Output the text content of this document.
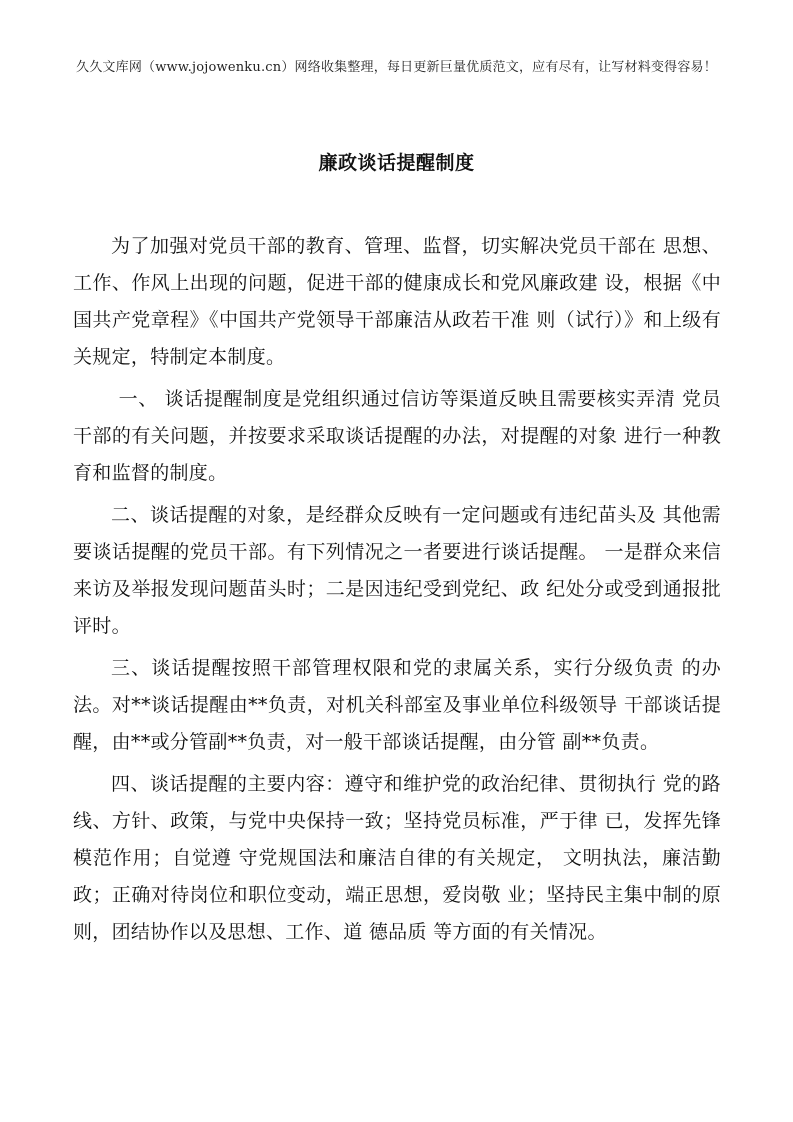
久久文库网（www.jojowenku.cn）网络收集整理，每日更新巨量优质范文，应有尽有，让写材料变得容易！
廉政谈话提醒制度

为了加强对党员干部的教育、管理、监督，切实解决党员干部在 思想、工作、作风上出现的问题，促进干部的健康成长和党风廉政建 设，根据《中国共产党章程》《中国共产党领导干部廉洁从政若干准 则（试行）》和上级有关规定，特制定本制度。

一、 谈话提醒制度是党组织通过信访等渠道反映且需要核实弄清 党员干部的有关问题，并按要求采取谈话提醒的办法，对提醒的对象 进行一种教育和监督的制度。

二、谈话提醒的对象，是经群众反映有一定问题或有违纪苗头及 其他需要谈话提醒的党员干部。有下列情况之一者要进行谈话提醒。 一是群众来信来访及举报发现问题苗头时；二是因违纪受到党纪、政 纪处分或受到通报批评时。

三、谈话提醒按照干部管理权限和党的隶属关系，实行分级负责 的办法。对**谈话提醒由**负责，对机关科部室及事业单位科级领导 干部谈话提醒，由**或分管副**负责，对一般干部谈话提醒，由分管 副**负责。

四、谈话提醒的主要内容：遵守和维护党的政治纪律、贯彻执行 党的路线、方针、政策，与党中央保持一致；坚持党员标准，严于律 已，发挥先锋模范作用；自觉遵 守党规国法和廉洁自律的有关规定， 文明执法，廉洁勤政；正确对待岗位和职位变动，端正思想，爱岗敬 业；坚持民主集中制的原则，团结协作以及思想、工作、道 德品质 等方面的有关情况。
